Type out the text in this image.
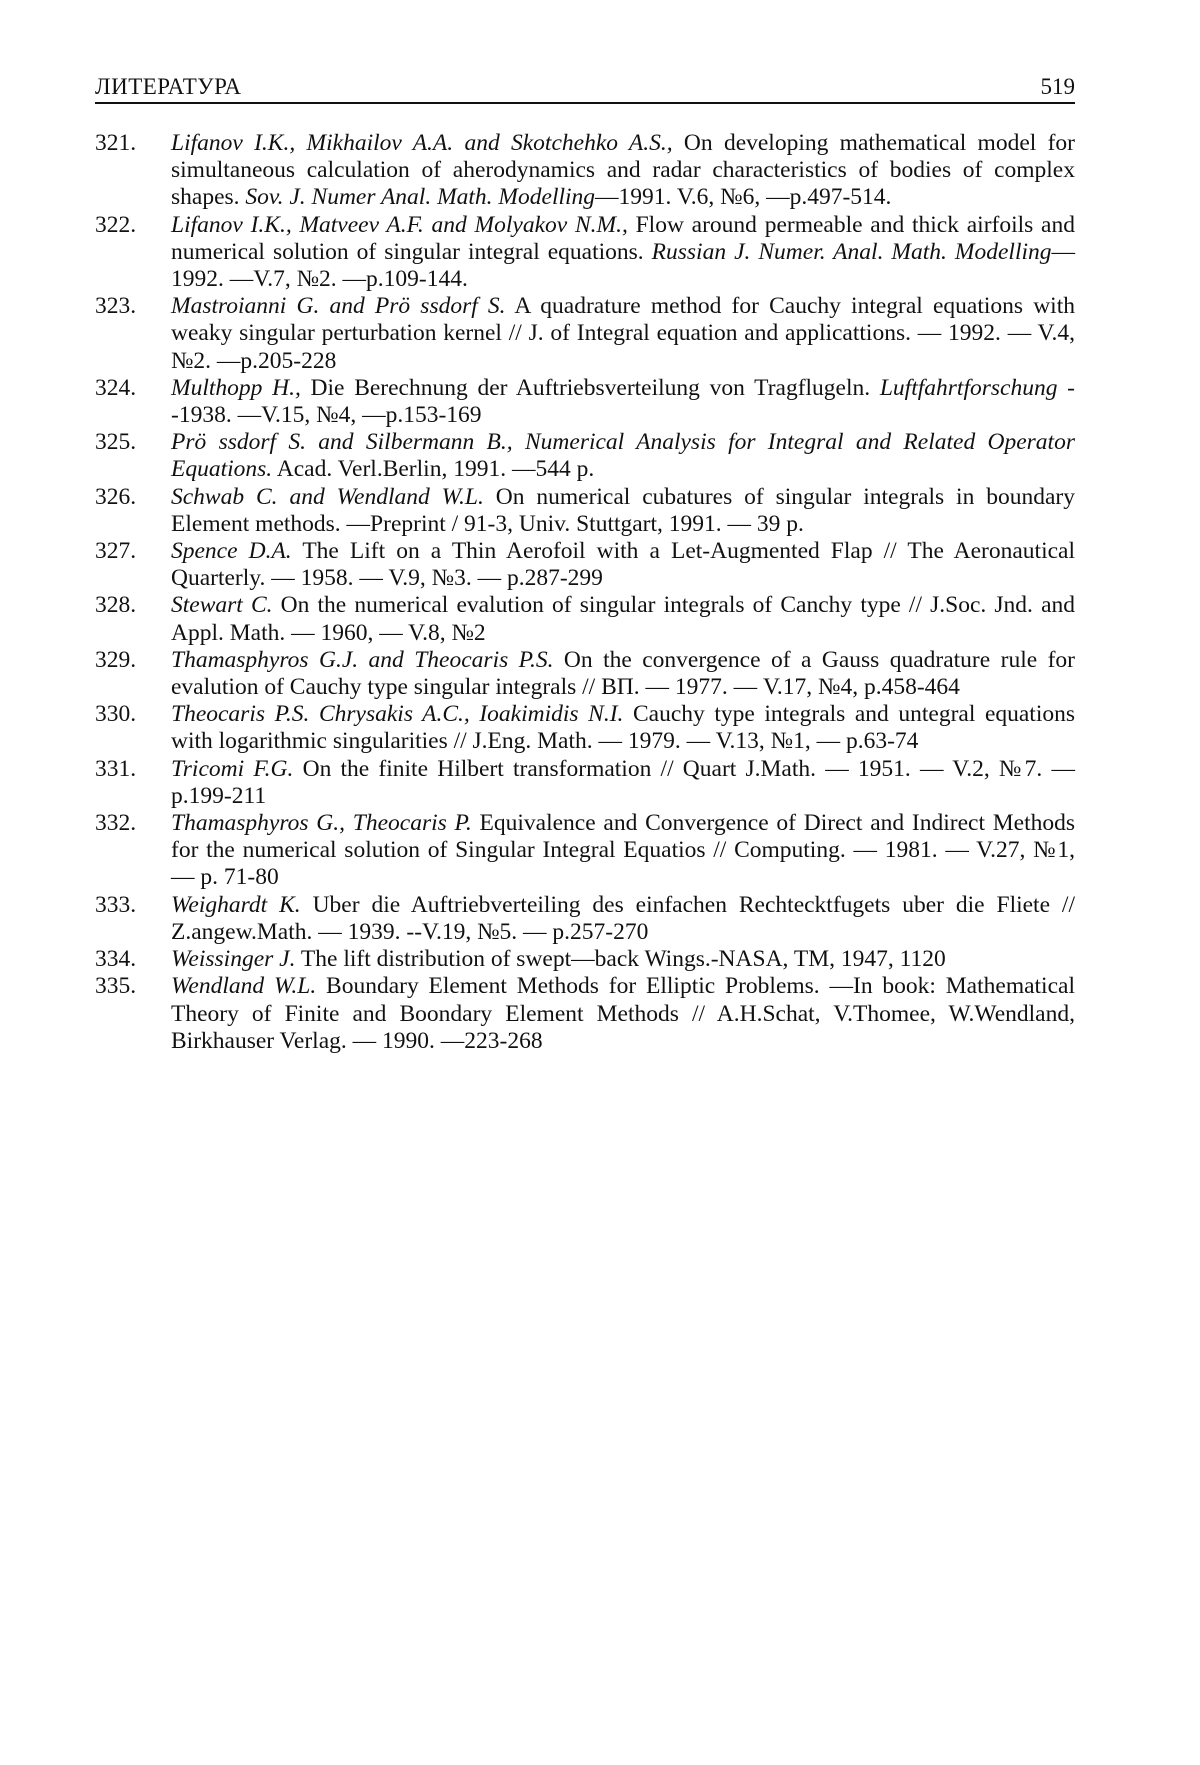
ЛИТЕРАТУРА	519
321. Lifanov I.K., Mikhailov A.A. and Skotchehko A.S., On developing mathematical model for simultaneous calculation of aherodynamics and radar characteristics of bodies of complex shapes. Sov. J. Numer Anal. Math. Modelling—1991. V.6, №6, —p.497-514.
322. Lifanov I.K., Matveev A.F. and Molyakov N.M., Flow around permeable and thick airfoils and numerical solution of singular integral equations. Russian J. Numer. Anal. Math. Modelling— 1992. —V.7, №2. —p.109-144.
323. Mastroianni G. and Prö ssdorf S. A quadrature method for Cauchy integral equations with weaky singular perturbation kernel // J. of Integral equation and applicattions. — 1992. — V.4, №2. —p.205-228
324. Multhopp H., Die Berechnung der Auftriebsverteilung von Tragflugeln. Luftfahrtforschung --1938. —V.15, №4, —p.153-169
325. Prö ssdorf S. and Silbermann B., Numerical Analysis for Integral and Related Operator Equations. Acad. Verl.Berlin, 1991. —544 p.
326. Schwab C. and Wendland W.L. On numerical cubatures of singular integrals in boundary Element methods. —Preprint / 91-3, Univ. Stuttgart, 1991. — 39 p.
327. Spence D.A. The Lift on a Thin Aerofoil with a Let-Augmented Flap // The Aeronautical Quarterly. — 1958. — V.9, №3. — p.287-299
328. Stewart C. On the numerical evalution of singular integrals of Canchy type // J.Soc. Jnd. and Appl. Math. — 1960, — V.8, №2
329. Thamasphyros G.J. and Theocaris P.S. On the convergence of a Gauss quadrature rule for evalution of Cauchy type singular integrals // BΠ. — 1977. — V.17, №4, p.458-464
330. Theocaris P.S. Chrysakis A.C., Ioakimidis N.I. Cauchy type integrals and untegral equations with logarithmic singularities // J.Eng. Math. — 1979. — V.13, №1, — p.63-74
331. Tricomi F.G. On the finite Hilbert transformation // Quart J.Math. — 1951. — V.2, №7. —p.199-211
332. Thamasphyros G., Theocaris P. Equivalence and Convergence of Direct and Indirect Methods for the numerical solution of Singular Integral Equatios // Computing. — 1981. — V.27, №1, — p. 71-80
333. Weighardt K. Uber die Auftriebverteiling des einfachen Rechtecktfugets uber die Fliete // Z.angew.Math. — 1939. --V.19, №5. — p.257-270
334. Weissinger J. The lift distribution of swept—back Wings.-NASA, TM, 1947, 1120
335. Wendland W.L. Boundary Element Methods for Elliptic Problems. —In book: Mathematical Theory of Finite and Boondary Element Methods // A.H.Schat, V.Thomee, W.Wendland, Birkhauser Verlag. — 1990. —223-268
